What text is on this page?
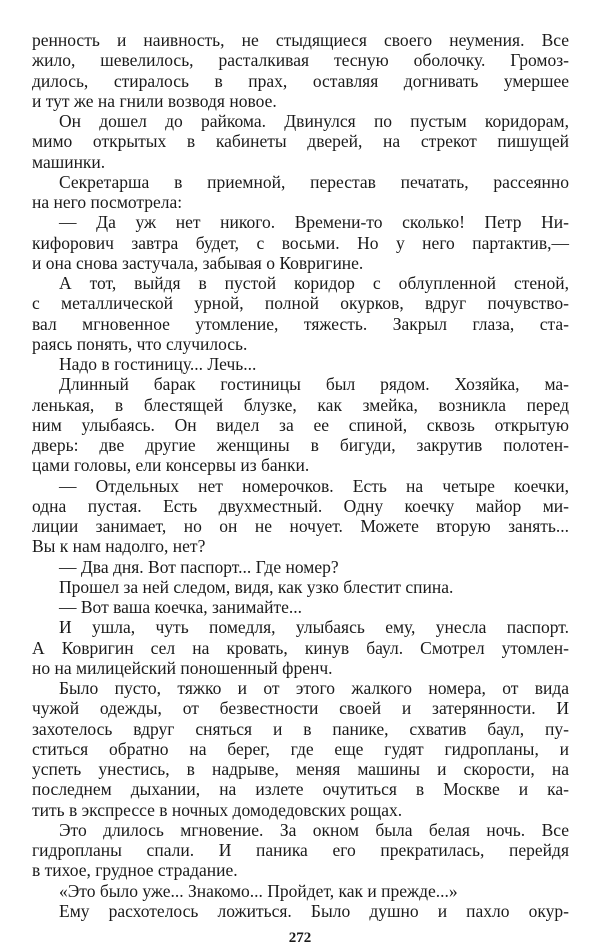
ренность и наивность, не стыдящиеся своего неумения. Все
жило, шевелилось, расталкивая тесную оболочку. Громоз-
дилось, стиралось в прах, оставляя догнивать умершее
и тут же на гнили возводя новое.
Он дошел до райкома. Двинулся по пустым коридорам,
мимо открытых в кабинеты дверей, на стрекот пишущей
машинки.
Секретарша в приемной, перестав печатать, рассеянно
на него посмотрела:
— Да уж нет никого. Времени-то сколько! Петр Ни-
кифорович завтра будет, с восьми. Но у него партактив,—
и она снова застучала, забывая о Ковригине.
А тот, выйдя в пустой коридор с облупленной стеной,
с металлической урной, полной окурков, вдруг почувство-
вал мгновенное утомление, тяжесть. Закрыл глаза, ста-
раясь понять, что случилось.
Надо в гостиницу... Лечь...
Длинный барак гостиницы был рядом. Хозяйка, ма-
ленькая, в блестящей блузке, как змейка, возникла перед
ним улыбаясь. Он видел за ее спиной, сквозь открытую
дверь: две другие женщины в бигуди, закрутив полотен-
цами головы, ели консервы из банки.
— Отдельных нет номерочков. Есть на четыре коечки,
одна пустая. Есть двухместный. Одну коечку майор ми-
лиции занимает, но он не ночует. Можете вторую занять...
Вы к нам надолго, нет?
— Два дня. Вот паспорт... Где номер?
Прошел за ней следом, видя, как узко блестит спина.
— Вот ваша коечка, занимайте...
И ушла, чуть помедля, улыбаясь ему, унесла паспорт.
А Ковригин сел на кровать, кинув баул. Смотрел утомлен-
но на милицейский поношенный френч.
Было пусто, тяжко и от этого жалкого номера, от вида
чужой одежды, от безвестности своей и затерянности. И
захотелось вдруг сняться и в панике, схватив баул, пу-
ститься обратно на берег, где еще гудят гидропланы, и
успеть унестись, в надрыве, меняя машины и скорости, на
последнем дыхании, на излете очутиться в Москве и ка-
тить в экспрессе в ночных домодедовских рощах.
Это длилось мгновение. За окном была белая ночь. Все
гидропланы спали. И паника его прекратилась, перейдя
в тихое, грудное страдание.
«Это было уже... Знакомо... Пройдет, как и прежде...»
Ему расхотелось ложиться. Было душно и пахло окур-
272
